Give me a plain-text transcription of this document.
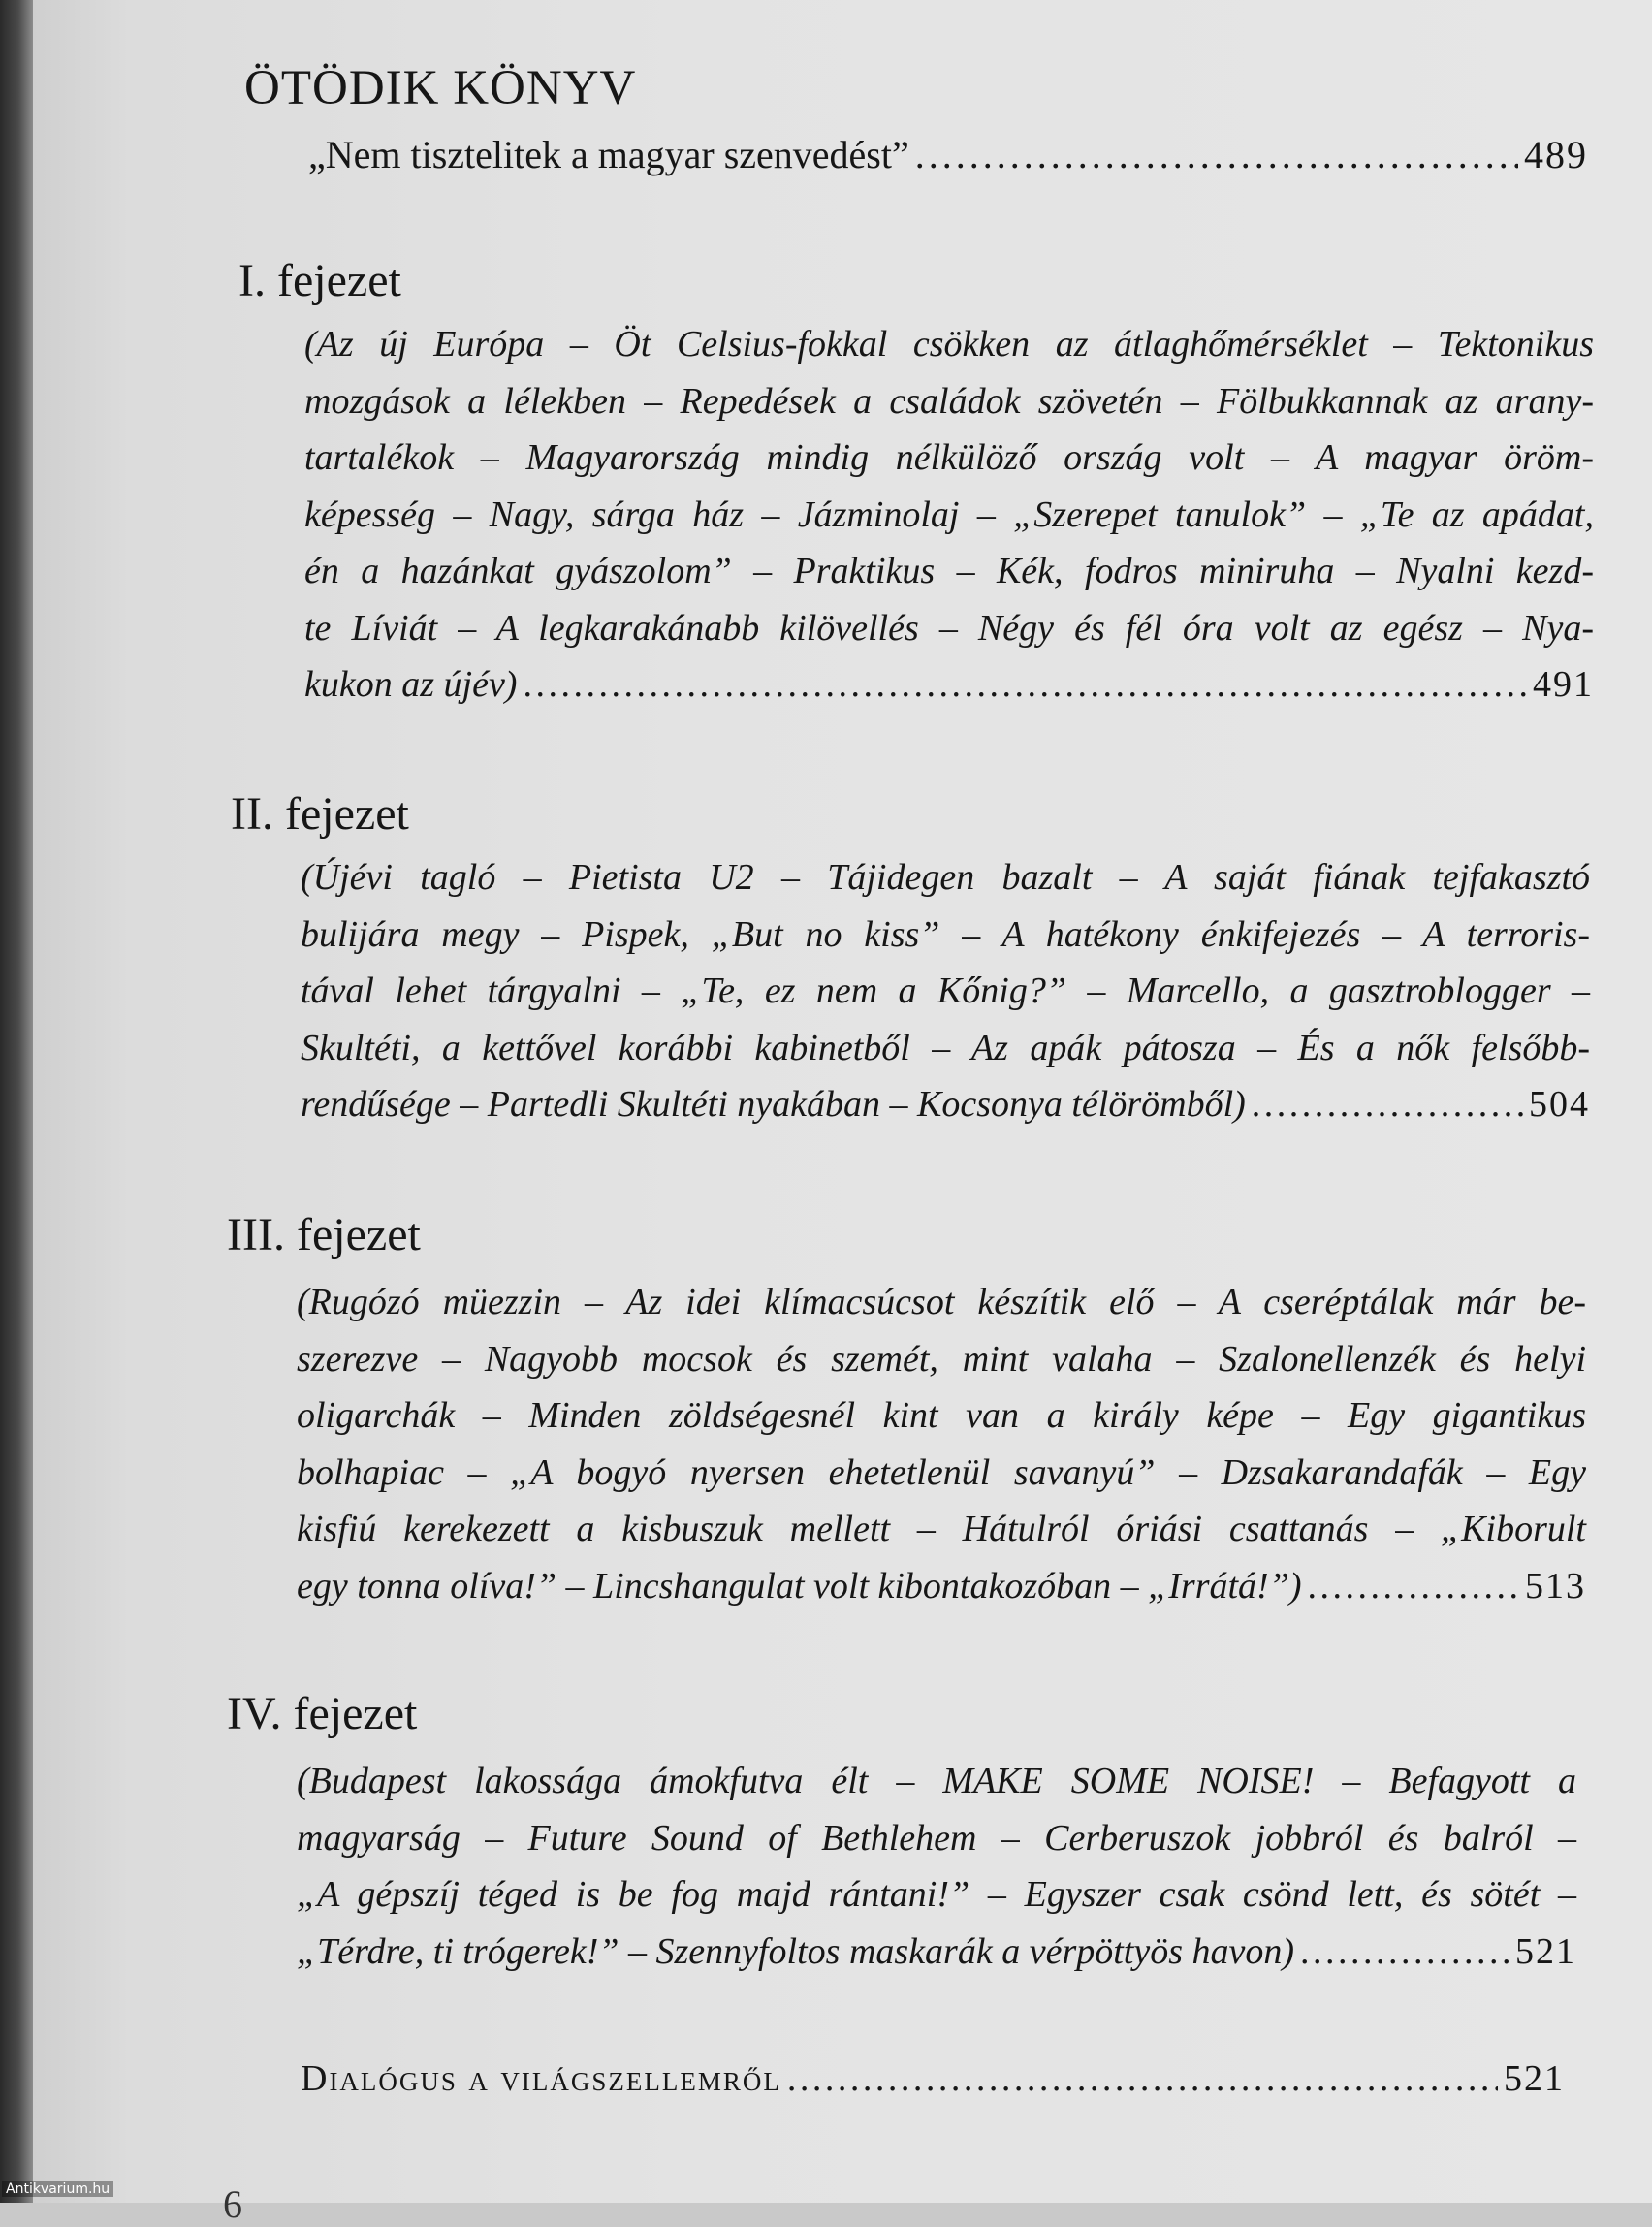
ÖTÖDIK KÖNYV
„Nem tisztelitek a magyar szenvedést” . . .	489
I. fejezet
(Az új Európa – Öt Celsius-fokkal csökken az átlaghőmérséklet – Tektonikus
mozgások a lélekben – Repedések a családok szövetén – Fölbukkannak az arany-
tartalékok – Magyarország mindig nélkülöző ország volt – A magyar öröm-
képesség – Nagy, sárga ház – Jázminolaj – „Szerepet tanulok” – „Te az apádat,
én a hazánkat gyászolom” – Praktikus – Kék, fodros miniruha – Nyalni kezd-
te Líviát – A legkarakánabb kilövellés – Négy és fél óra volt az egész – Nya-
kukon az újév) . . .	491
II. fejezet
(Újévi tagló – Pietista U2 – Tájidegen bazalt – A saját fiának tejfakasztó
bulijára megy – Pispek, „But no kiss” – A hatékony énkifejezés – A terroris-
tával lehet tárgyalni – „Te, ez nem a Kőnig?” – Marcello, a gasztroblogger –
Skultéti, a kettővel korábbi kabinetből – Az apák pátosza – És a nők felsőbb-
rendűsége – Partedli Skultéti nyakában – Kocsonya télörömből) . . .	504
III. fejezet
(Rugózó müezzin – Az idei klímacsúcsot készítik elő – A cseréptálak már be-
szerezve – Nagyobb mocsok és szemét, mint valaha – Szalonellenzék és helyi
oligarchák – Minden zöldségesnél kint van a király képe – Egy gigantikus
bolhapiac – „A bogyó nyersen ehetetlenül savanyú” – Dzsakarandafák – Egy
kisfiú kerekezett a kisbuszuk mellett – Hátulról óriási csattanás – „Kiborult
egy tonna olíva!” – Lincshangulat volt kibontakozóban – „Irrátá!”) . . .	513
IV. fejezet
(Budapest lakossága ámokfutva élt – MAKE SOME NOISE! – Befagyott a
magyarság – Future Sound of Bethlehem – Cerberuszok jobbról és balról –
„A gépszíj téged is be fog majd rántani!” – Egyszer csak csönd lett, és sötét –
„Térdre, ti trógerek!” – Szennyfoltos maskarák a vérpöttyös havon) . . .	521
Dialógus a világszellemről . . .	521
Antikvarium.hu	6
